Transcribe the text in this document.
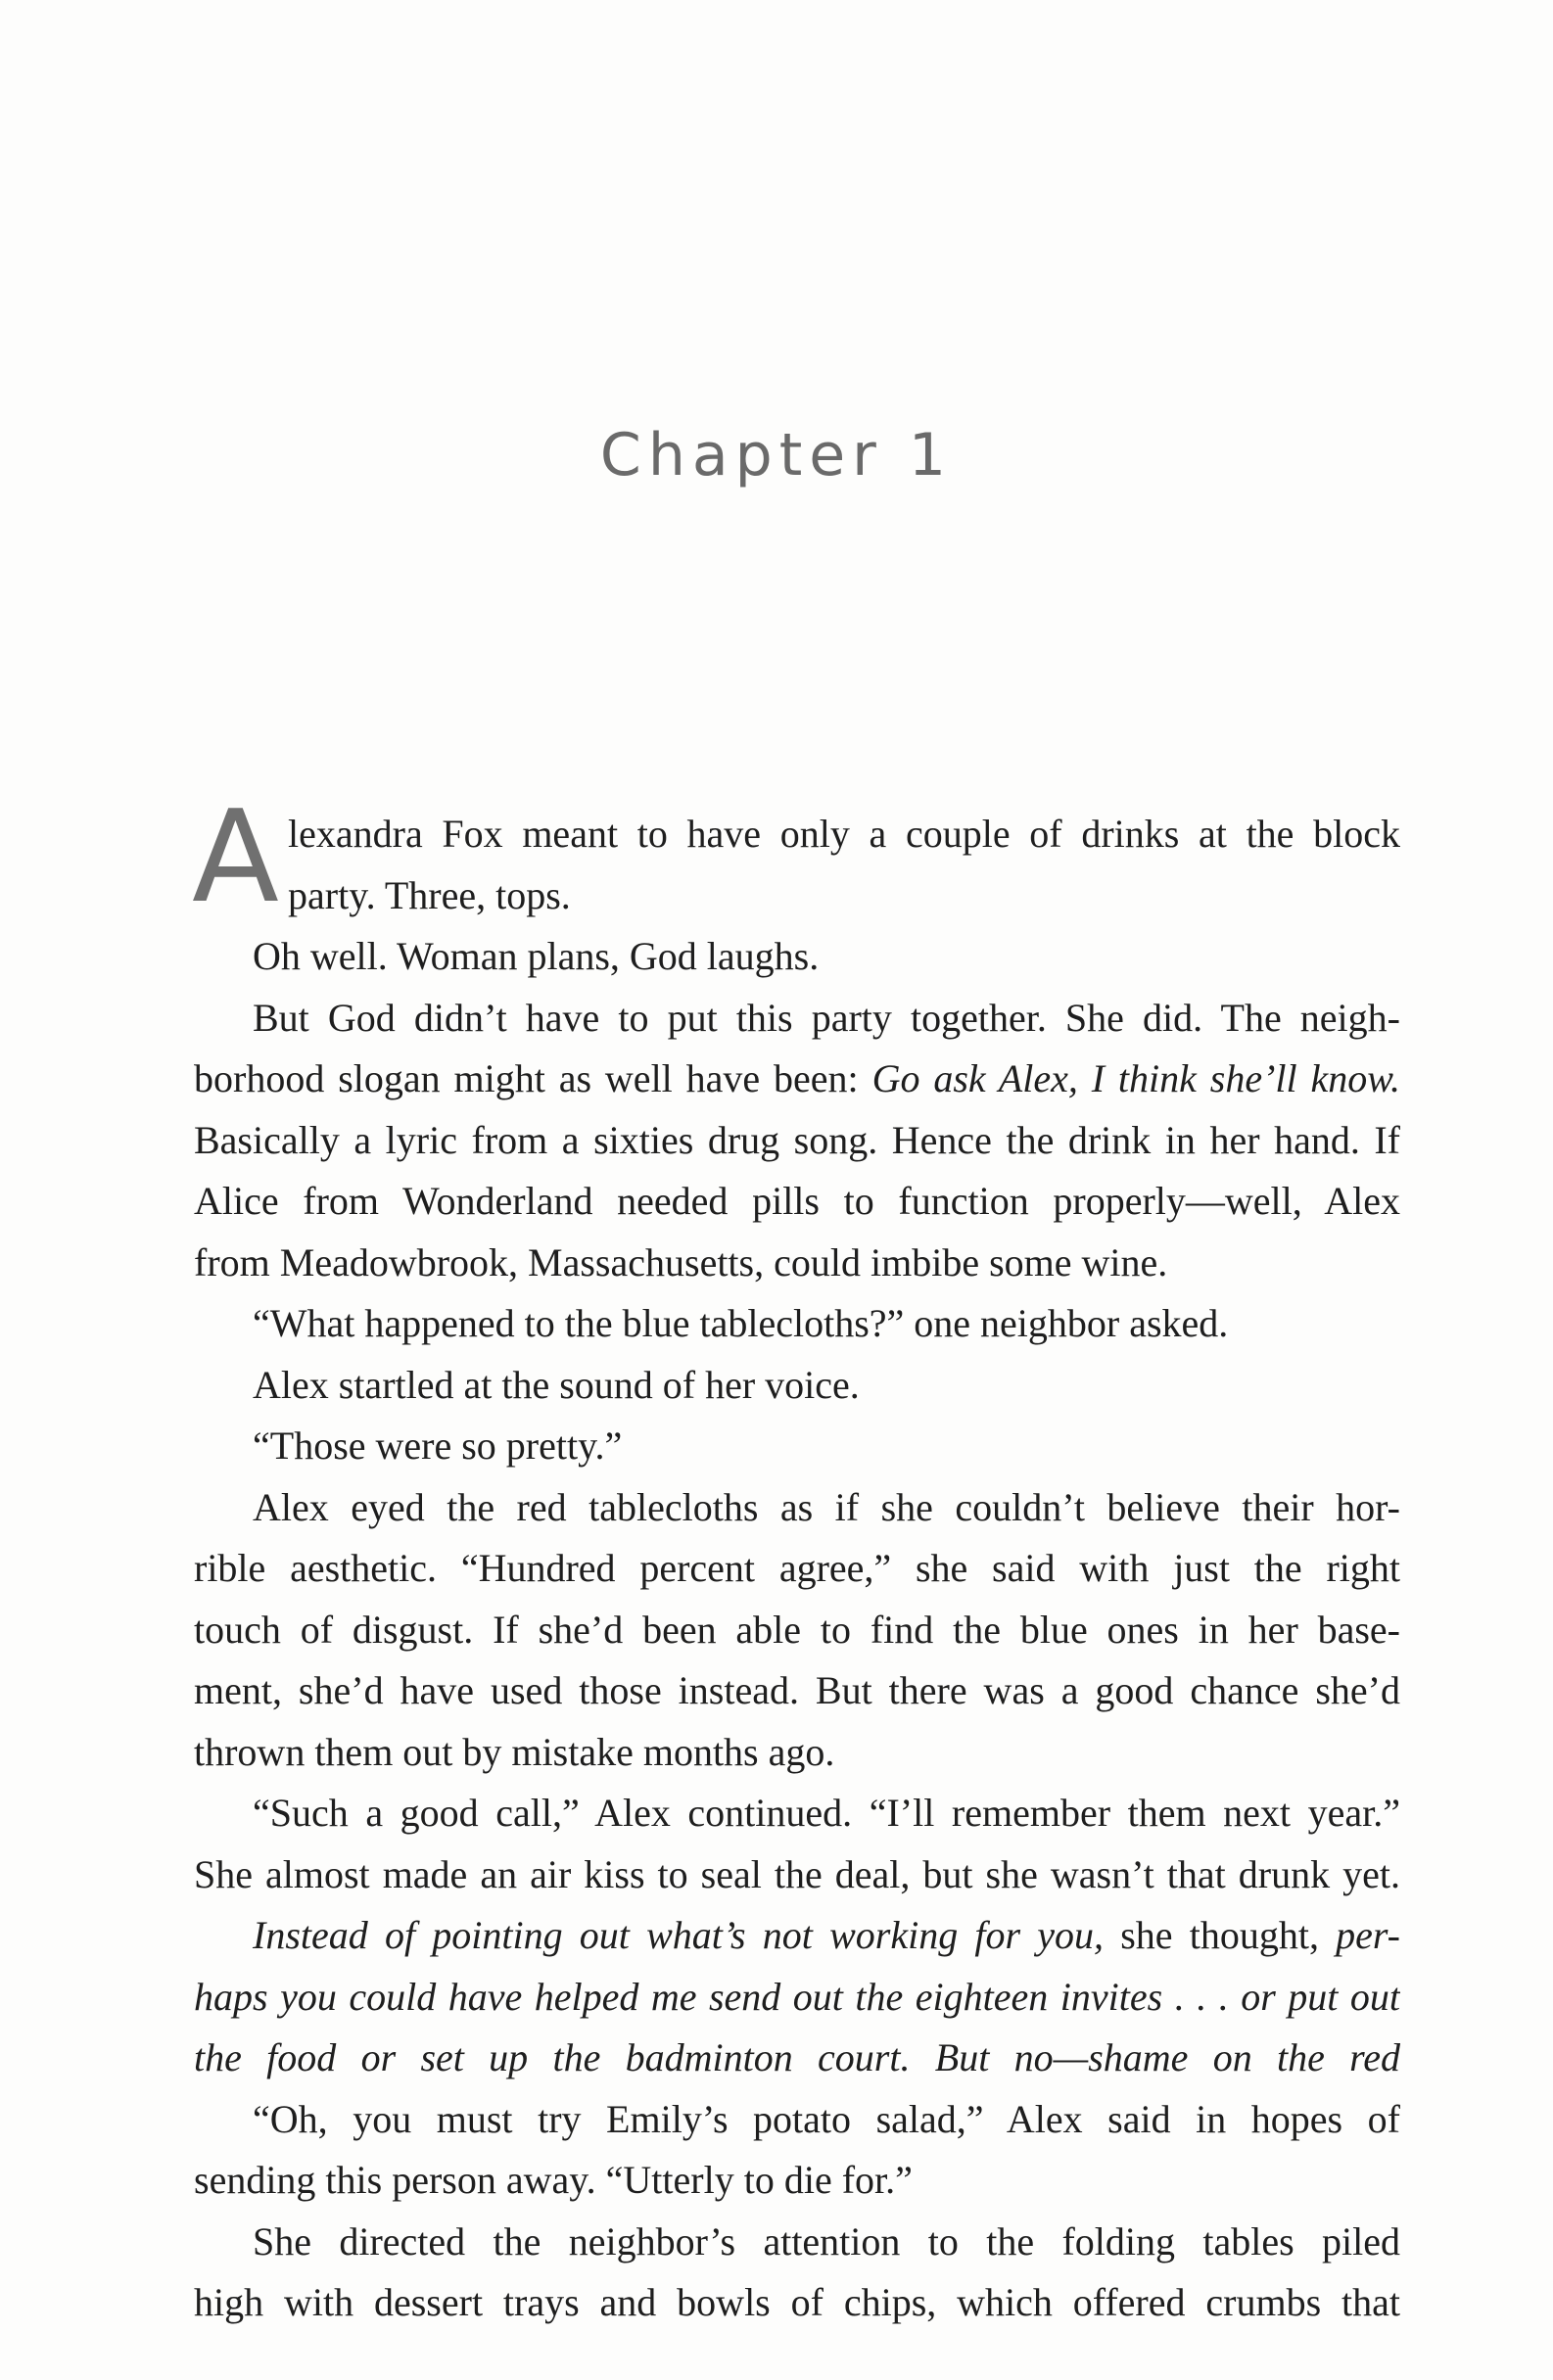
Chapter 1
A lexandra Fox meant to have only a couple of drinks at the block
party. Three, tops.
Oh well. Woman plans, God laughs.
But God didn’t have to put this party together. She did. The neigh-
borhood slogan might as well have been: Go ask Alex, I think she’ll know.
Basically a lyric from a sixties drug song. Hence the drink in her hand. If
Alice from Wonderland needed pills to function properly—well, Alex
from Meadowbrook, Massachusetts, could imbibe some wine.
“What happened to the blue tablecloths?” one neighbor asked.
Alex startled at the sound of her voice.
“Those were so pretty.”
Alex eyed the red tablecloths as if she couldn’t believe their hor-
rible aesthetic. “Hundred percent agree,” she said with just the right
touch of disgust. If she’d been able to find the blue ones in her base-
ment, she’d have used those instead. But there was a good chance she’d
thrown them out by mistake months ago.
“Such a good call,” Alex continued. “I’ll remember them next year.”
She almost made an air kiss to seal the deal, but she wasn’t that drunk yet.
Instead of pointing out what’s not working for you, she thought, per-
haps you could have helped me send out the eighteen invites . . . or put out
the food or set up the badminton court. But no—shame on the red
“Oh, you must try Emily’s potato salad,” Alex said in hopes of
sending this person away. “Utterly to die for.”
She directed the neighbor’s attention to the folding tables piled
high with dessert trays and bowls of chips, which offered crumbs that
